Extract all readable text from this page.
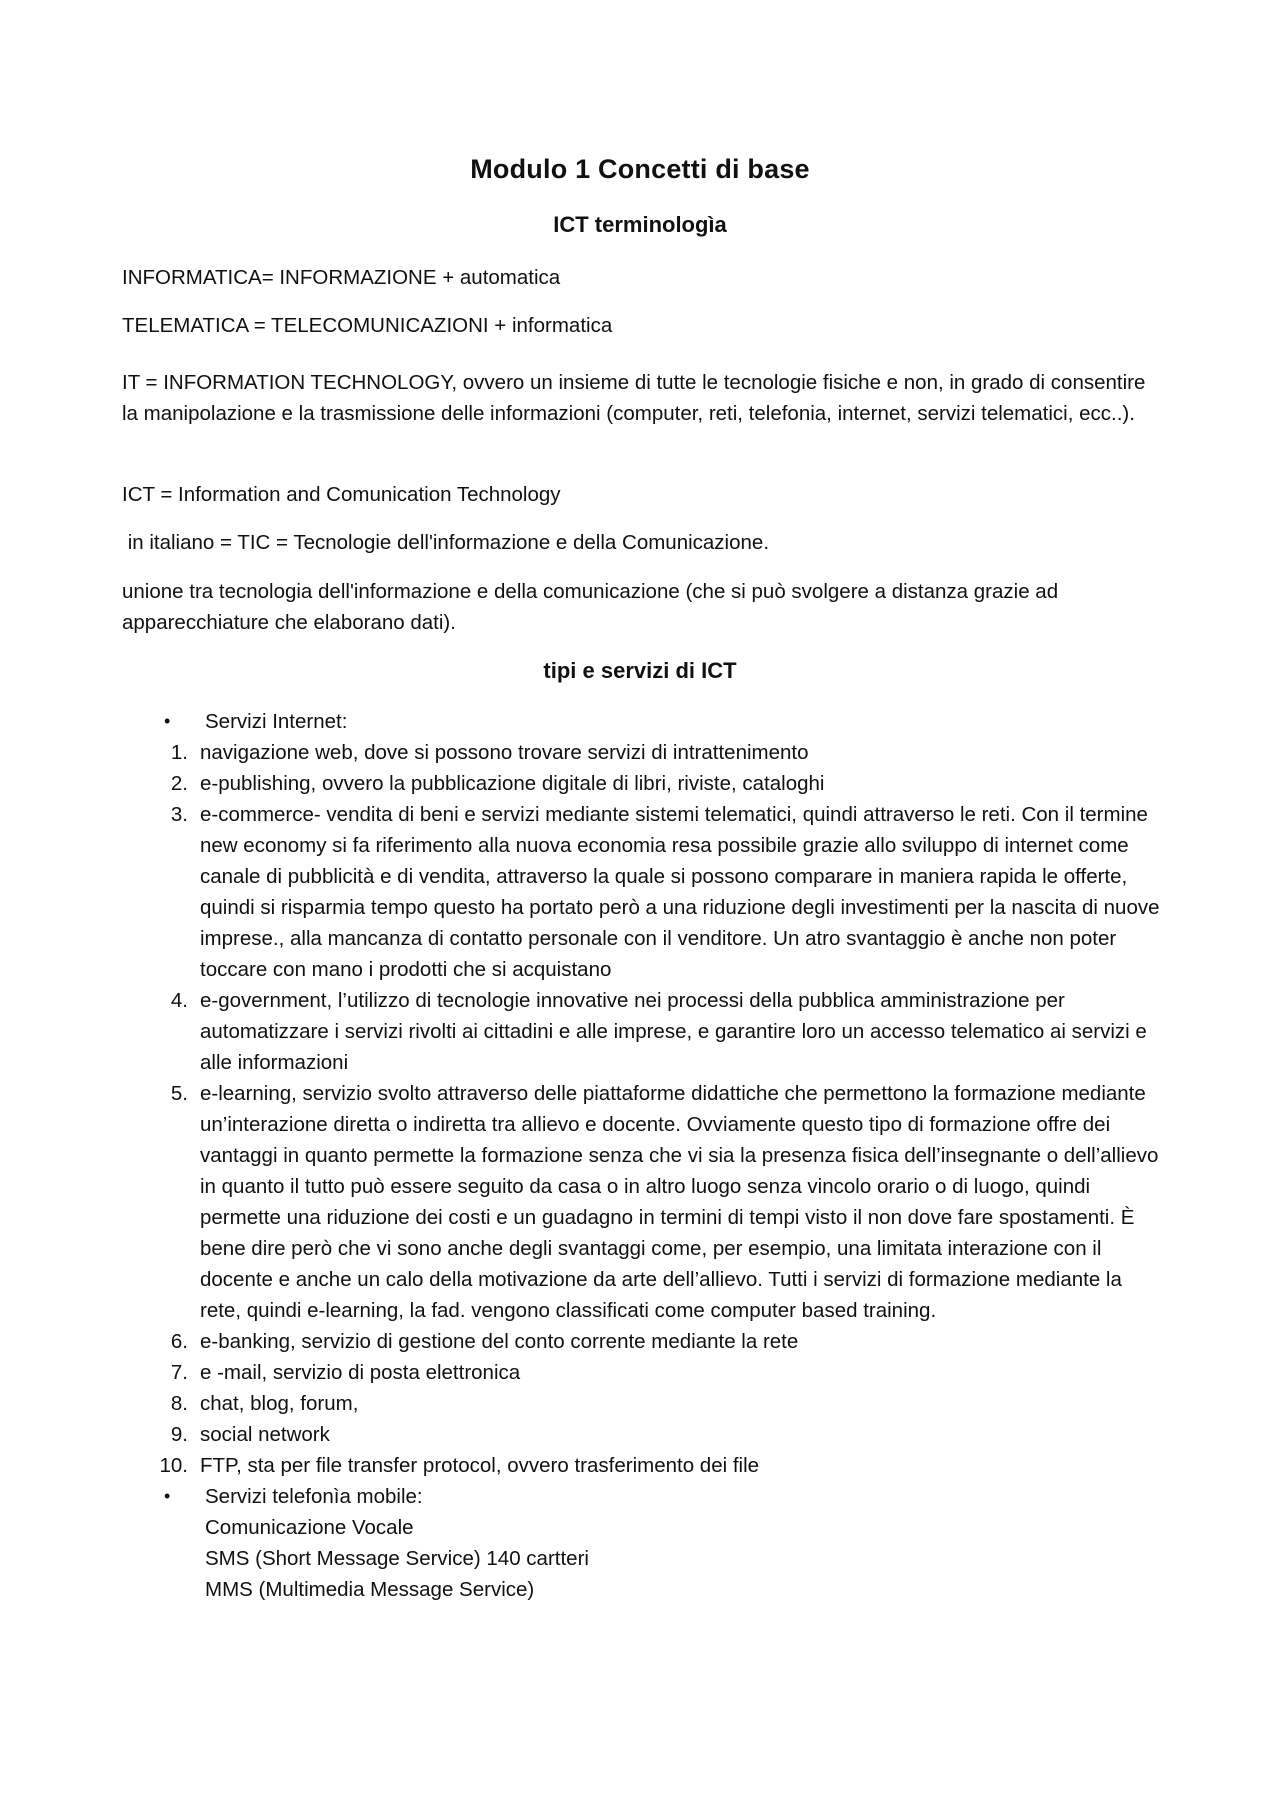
Modulo 1 Concetti di base
ICT terminologìa

INFORMATICA= INFORMAZIONE + automatica

TELEMATICA = TELECOMUNICAZIONI + informatica

IT = INFORMATION TECHNOLOGY, ovvero un insieme di tutte le tecnologie fisiche e non, in grado di consentire la manipolazione e la trasmissione delle informazioni (computer, reti, telefonia, internet, servizi telematici, ecc..).

ICT = Information and Comunication Technology

in italiano = TIC = Tecnologie dell'informazione e della Comunicazione.

unione tra tecnologia dell'informazione e della comunicazione (che si può svolgere a distanza grazie ad apparecchiature che elaborano dati).

tipi e servizi di ICT
•	Servizi Internet:
1. navigazione web, dove si possono trovare servizi di intrattenimento
2. e-publishing, ovvero la pubblicazione digitale di libri, riviste, cataloghi
3. e-commerce- vendita di beni e servizi mediante sistemi telematici, quindi attraverso le reti. Con il termine new economy si fa riferimento alla nuova economia resa possibile grazie allo sviluppo di internet come canale di pubblicità e di vendita, attraverso la quale si possono comparare in maniera rapida le offerte, quindi si risparmia tempo questo ha portato però a una riduzione degli investimenti per la nascita di nuove imprese., alla mancanza di contatto personale con il venditore. Un atro svantaggio è anche non poter toccare con mano i prodotti che si acquistano
4. e-government, l’utilizzo di tecnologie innovative nei processi della pubblica amministrazione per automatizzare i servizi rivolti ai cittadini e alle imprese, e garantire loro un accesso telematico ai servizi e alle informazioni
5. e-learning, servizio svolto attraverso delle piattaforme didattiche che permettono la formazione mediante un’interazione diretta o indiretta tra allievo e docente. Ovviamente questo tipo di formazione offre dei vantaggi in quanto permette la formazione senza che vi sia la presenza fisica dell’insegnante o dell’allievo in quanto il tutto può essere seguito da casa o in altro luogo senza vincolo orario o di luogo, quindi permette una riduzione dei costi e un guadagno in termini di tempi visto il non dove fare spostamenti. È bene dire però che vi sono anche degli svantaggi come, per esempio, una limitata interazione con il docente e anche un calo della motivazione da arte dell’allievo. Tutti i servizi di formazione mediante la rete, quindi e-learning, la fad. vengono classificati come computer based training.
6. e-banking, servizio di gestione del conto corrente mediante la rete
7. e -mail, servizio di posta elettronica
8. chat, blog, forum,
9. social network
10. FTP, sta per file transfer protocol, ovvero trasferimento dei file
•	Servizi telefonìa mobile:
Comunicazione Vocale
SMS (Short Message Service) 140 cartteri
MMS (Multimedia Message Service)
